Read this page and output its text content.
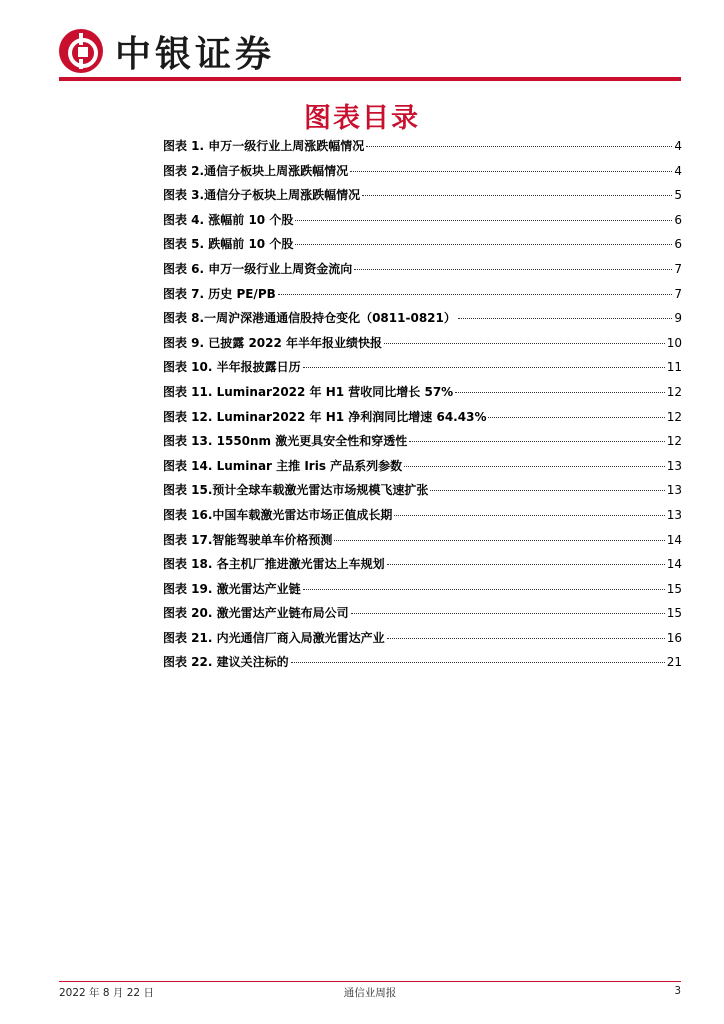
中银证券
图表目录
图表 1. 申万一级行业上周涨跌幅情况	4
图表 2.通信子板块上周涨跌幅情况	4
图表 3.通信分子板块上周涨跌幅情况	5
图表 4. 涨幅前 10 个股	6
图表 5. 跌幅前 10 个股	6
图表 6. 申万一级行业上周资金流向	7
图表 7. 历史 PE/PB	7
图表 8.一周沪深港通通信股持仓变化（0811-0821）	9
图表 9. 已披露 2022 年半年报业绩快报	10
图表 10. 半年报披露日历	11
图表 11. Luminar2022 年 H1 营收同比增长 57%	12
图表 12. Luminar2022 年 H1 净利润同比增速 64.43%	12
图表 13. 1550nm 激光更具安全性和穿透性	12
图表 14. Luminar 主推 Iris 产品系列参数	13
图表 15.预计全球车载激光雷达市场规模飞速扩张	13
图表 16.中国车载激光雷达市场正值成长期	13
图表 17.智能驾驶单车价格预测	14
图表 18. 各主机厂推进激光雷达上车规划	14
图表 19. 激光雷达产业链	15
图表 20. 激光雷达产业链布局公司	15
图表 21. 内光通信厂商入局激光雷达产业	16
图表 22. 建议关注标的	21
2022 年 8 月 22 日	通信业周报	3
